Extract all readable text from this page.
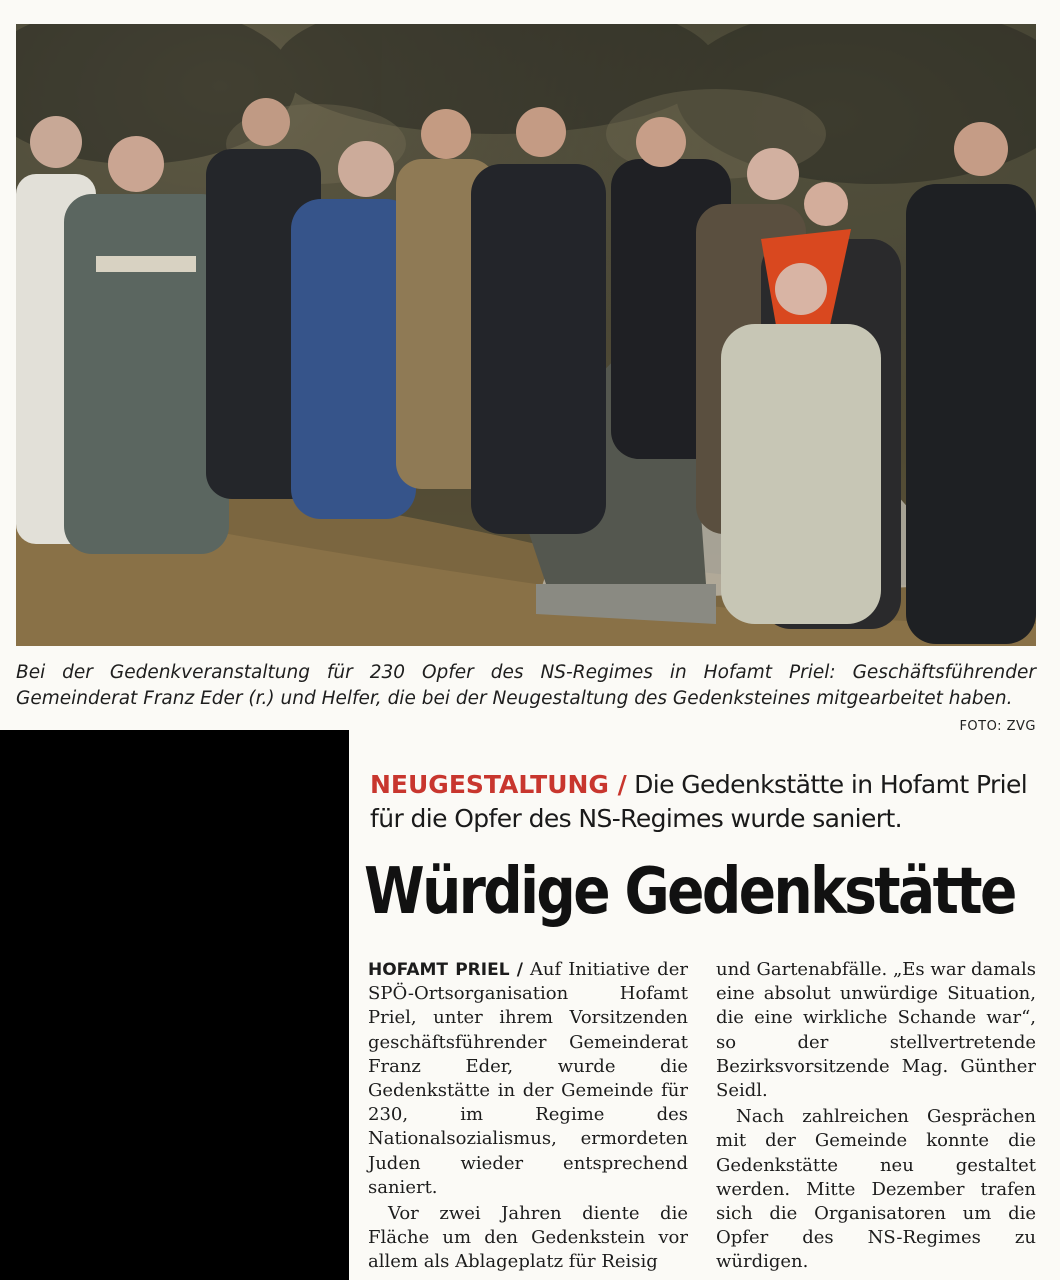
Bei der Gedenkveranstaltung für 230 Opfer des NS-Regimes in Hofamt Priel: Geschäftsführender Gemeinderat Franz Eder (r.) und Helfer, die bei der Neugestaltung des Gedenksteines mitgearbeitet haben.
FOTO: ZVG
NEUGESTALTUNG / Die Gedenkstätte in Hofamt Priel für die Opfer des NS-Regimes wurde saniert.
Würdige Gedenkstätte

HOFAMT PRIEL / Auf Initiative der SPÖ-Ortsorganisation Hofamt Priel, unter ihrem Vorsitzenden geschäftsführender Gemeinderat Franz Eder, wurde die Gedenkstätte in der Gemeinde für 230, im Regime des Nationalsozialismus, ermordeten Juden wieder entsprechend saniert.

Vor zwei Jahren diente die Fläche um den Gedenkstein vor allem als Ablageplatz für Reisig

und Gartenabfälle. „Es war damals eine absolut unwürdige Situation, die eine wirkliche Schande war“, so der stellvertretende Bezirksvorsitzende Mag. Günther Seidl.

Nach zahlreichen Gesprächen mit der Gemeinde konnte die Gedenkstätte neu gestaltet werden. Mitte Dezember trafen sich die Organisatoren um die Opfer des NS-Regimes zu würdigen.
